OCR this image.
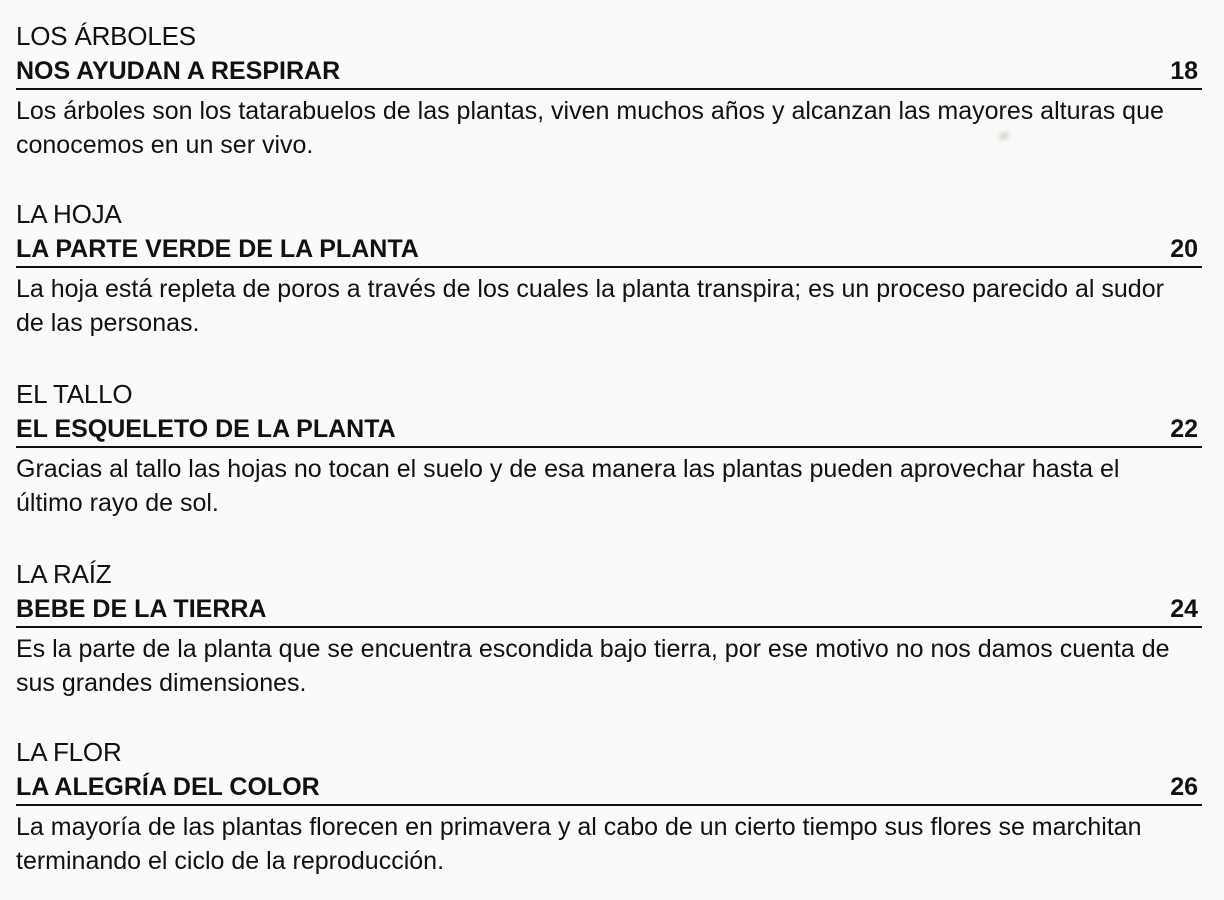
LOS ÁRBOLES

NOS AYUDAN A RESPIRAR	18

Los árboles son los tatarabuelos de las plantas, viven muchos años y alcanzan las mayores alturas que conocemos en un ser vivo.

LA HOJA

LA PARTE VERDE DE LA PLANTA	20

La hoja está repleta de poros a través de los cuales la planta transpira; es un proceso parecido al sudor de las personas.

EL TALLO

EL ESQUELETO DE LA PLANTA	22

Gracias al tallo las hojas no tocan el suelo y de esa manera las plantas pueden aprovechar hasta el último rayo de sol.

LA RAÍZ

BEBE DE LA TIERRA	24

Es la parte de la planta que se encuentra escondida bajo tierra, por ese motivo no nos damos cuenta de sus grandes dimensiones.

LA FLOR

LA ALEGRÍA DEL COLOR	26

La mayoría de las plantas florecen en primavera y al cabo de un cierto tiempo sus flores se marchitan terminando el ciclo de la reproducción.
